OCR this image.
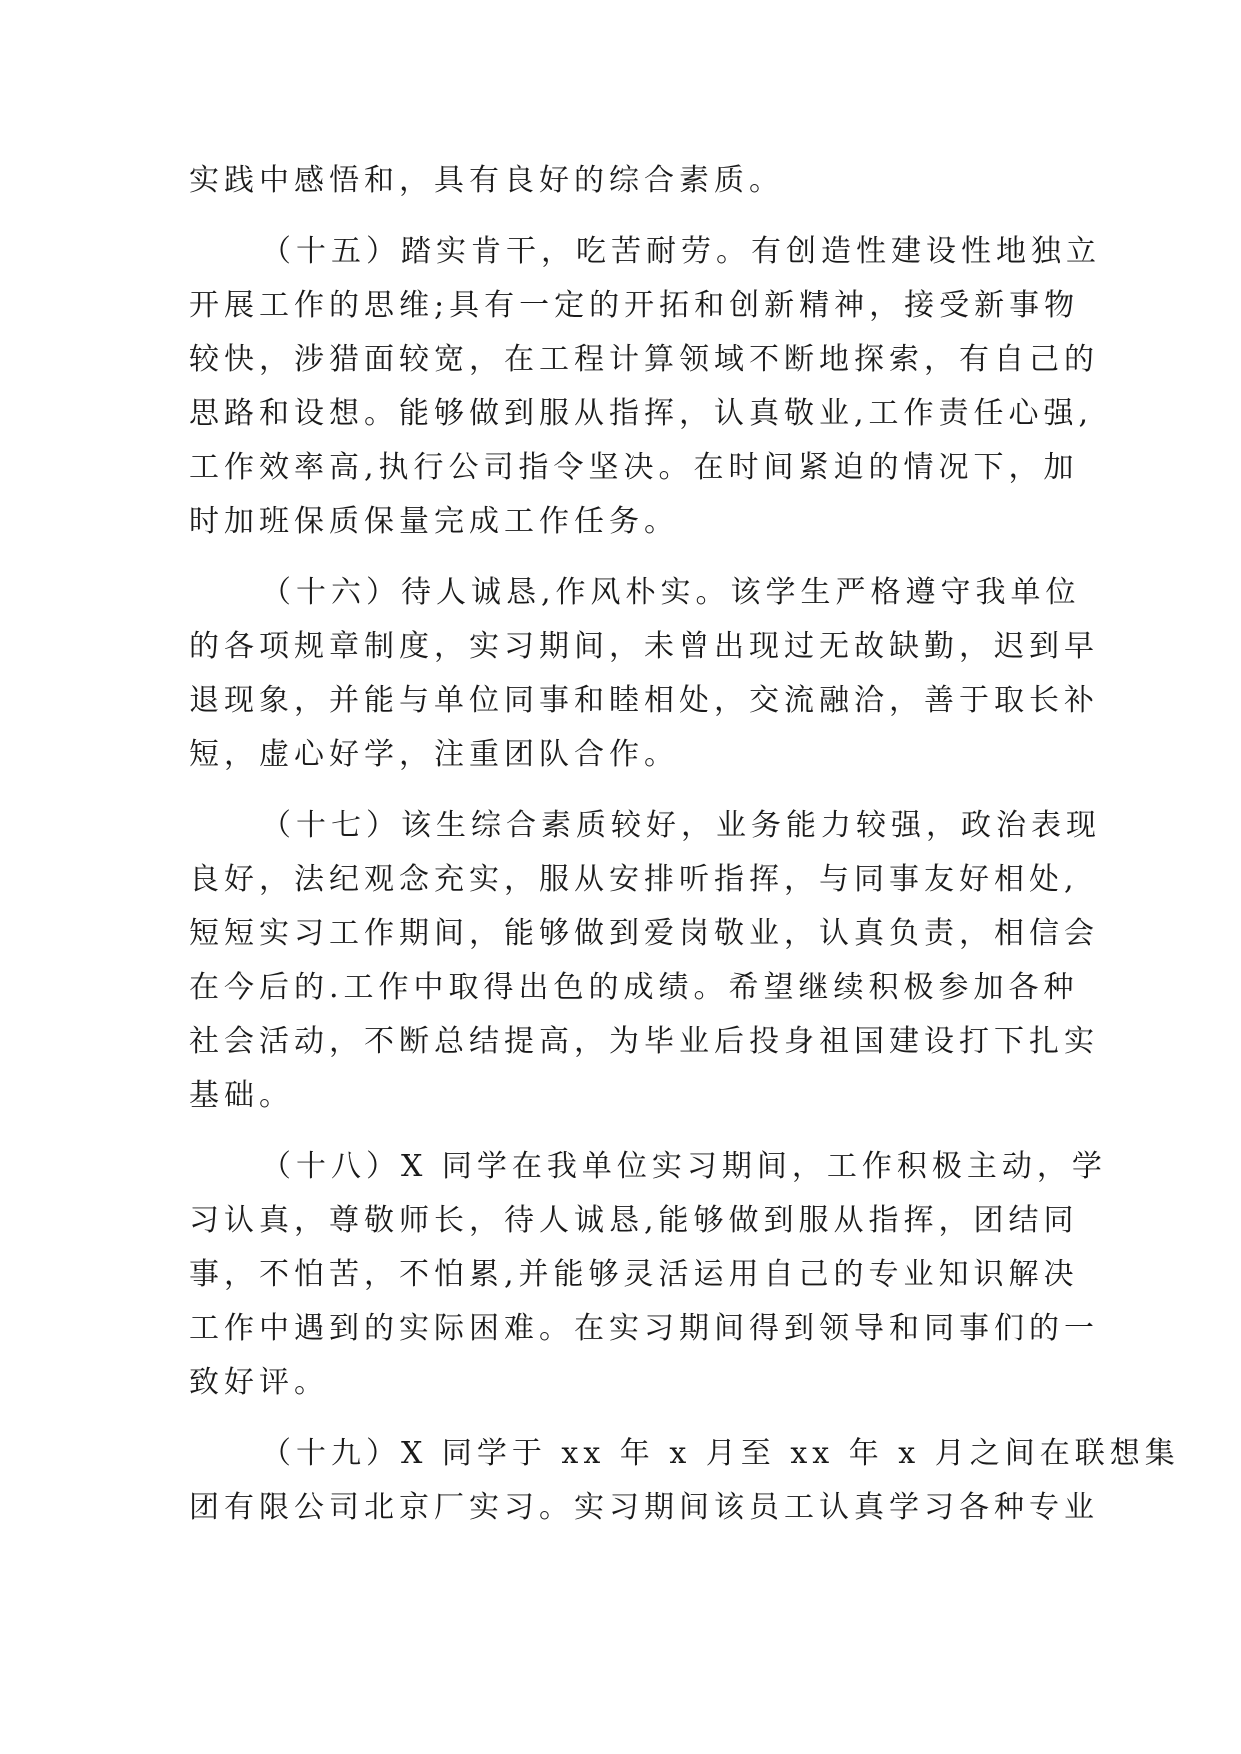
实践中感悟和，具有良好的综合素质。
（十五）踏实肯干，吃苦耐劳。有创造性建设性地独立
开展工作的思维;具有一定的开拓和创新精神，接受新事物
较快，涉猎面较宽，在工程计算领域不断地探索，有自己的
思路和设想。能够做到服从指挥，认真敬业,工作责任心强,
工作效率高,执行公司指令坚决。在时间紧迫的情况下，加
时加班保质保量完成工作任务。
（十六）待人诚恳,作风朴实。该学生严格遵守我单位
的各项规章制度，实习期间，未曾出现过无故缺勤，迟到早
退现象，并能与单位同事和睦相处，交流融洽，善于取长补
短，虚心好学，注重团队合作。
（十七）该生综合素质较好，业务能力较强，政治表现
良好，法纪观念充实，服从安排听指挥，与同事友好相处,
短短实习工作期间，能够做到爱岗敬业，认真负责，相信会
在今后的.工作中取得出色的成绩。希望继续积极参加各种
社会活动，不断总结提高，为毕业后投身祖国建设打下扎实
基础。
（十八）X 同学在我单位实习期间，工作积极主动，学
习认真，尊敬师长，待人诚恳,能够做到服从指挥，团结同
事，不怕苦，不怕累,并能够灵活运用自己的专业知识解决
工作中遇到的实际困难。在实习期间得到领导和同事们的一
致好评。
（十九）X 同学于 xx 年 x 月至 xx 年 x 月之间在联想集
团有限公司北京厂实习。实习期间该员工认真学习各种专业
